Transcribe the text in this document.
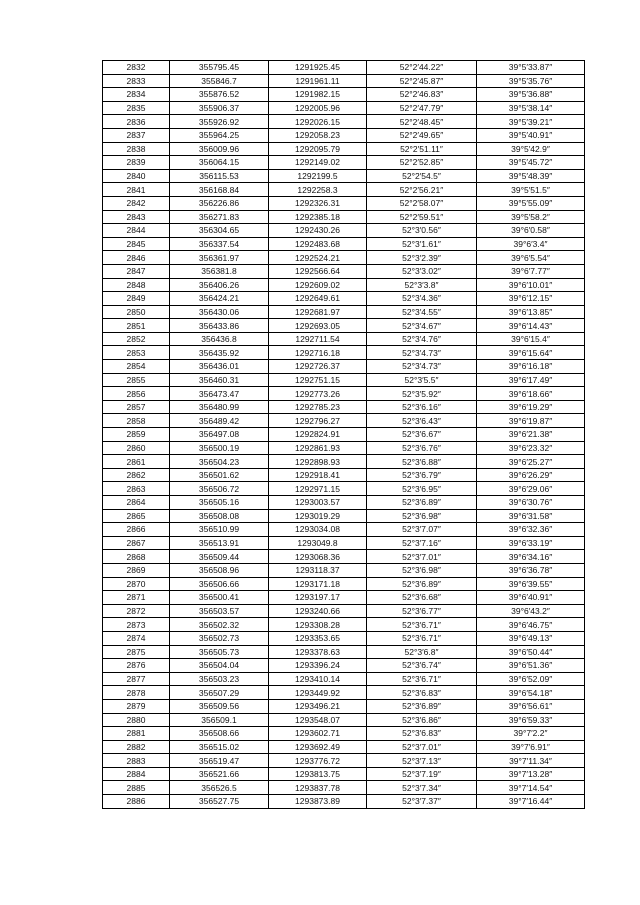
2832	355795.45	1291925.45	52°2′44.22″	39°5′33.87″
2833	355846.7	1291961.11	52°2′45.87″	39°5′35.76″
2834	355876.52	1291982.15	52°2′46.83″	39°5′36.88″
2835	355906.37	1292005.96	52°2′47.79″	39°5′38.14″
2836	355926.92	1292026.15	52°2′48.45″	39°5′39.21″
2837	355964.25	1292058.23	52°2′49.65″	39°5′40.91″
2838	356009.96	1292095.79	52°2′51.11″	39°5′42.9″
2839	356064.15	1292149.02	52°2′52.85″	39°5′45.72″
2840	356115.53	1292199.5	52°2′54.5″	39°5′48.39″
2841	356168.84	1292258.3	52°2′56.21″	39°5′51.5″
2842	356226.86	1292326.31	52°2′58.07″	39°5′55.09″
2843	356271.83	1292385.18	52°2′59.51″	39°5′58.2″
2844	356304.65	1292430.26	52°3′0.56″	39°6′0.58″
2845	356337.54	1292483.68	52°3′1.61″	39°6′3.4″
2846	356361.97	1292524.21	52°3′2.39″	39°6′5.54″
2847	356381.8	1292566.64	52°3′3.02″	39°6′7.77″
2848	356406.26	1292609.02	52°3′3.8″	39°6′10.01″
2849	356424.21	1292649.61	52°3′4.36″	39°6′12.15″
2850	356430.06	1292681.97	52°3′4.55″	39°6′13.85″
2851	356433.86	1292693.05	52°3′4.67″	39°6′14.43″
2852	356436.8	1292711.54	52°3′4.76″	39°6′15.4″
2853	356435.92	1292716.18	52°3′4.73″	39°6′15.64″
2854	356436.01	1292726.37	52°3′4.73″	39°6′16.18″
2855	356460.31	1292751.15	52°3′5.5″	39°6′17.49″
2856	356473.47	1292773.26	52°3′5.92″	39°6′18.66″
2857	356480.99	1292785.23	52°3′6.16″	39°6′19.29″
2858	356489.42	1292796.27	52°3′6.43″	39°6′19.87″
2859	356497.08	1292824.91	52°3′6.67″	39°6′21.38″
2860	356500.19	1292861.93	52°3′6.76″	39°6′23.32″
2861	356504.23	1292898.93	52°3′6.88″	39°6′25.27″
2862	356501.62	1292918.41	52°3′6.79″	39°6′26.29″
2863	356506.72	1292971.15	52°3′6.95″	39°6′29.06″
2864	356505.16	1293003.57	52°3′6.89″	39°6′30.76″
2865	356508.08	1293019.29	52°3′6.98″	39°6′31.58″
2866	356510.99	1293034.08	52°3′7.07″	39°6′32.36″
2867	356513.91	1293049.8	52°3′7.16″	39°6′33.19″
2868	356509.44	1293068.36	52°3′7.01″	39°6′34.16″
2869	356508.96	1293118.37	52°3′6.98″	39°6′36.78″
2870	356506.66	1293171.18	52°3′6.89″	39°6′39.55″
2871	356500.41	1293197.17	52°3′6.68″	39°6′40.91″
2872	356503.57	1293240.66	52°3′6.77″	39°6′43.2″
2873	356502.32	1293308.28	52°3′6.71″	39°6′46.75″
2874	356502.73	1293353.65	52°3′6.71″	39°6′49.13″
2875	356505.73	1293378.63	52°3′6.8″	39°6′50.44″
2876	356504.04	1293396.24	52°3′6.74″	39°6′51.36″
2877	356503.23	1293410.14	52°3′6.71″	39°6′52.09″
2878	356507.29	1293449.92	52°3′6.83″	39°6′54.18″
2879	356509.56	1293496.21	52°3′6.89″	39°6′56.61″
2880	356509.1	1293548.07	52°3′6.86″	39°6′59.33″
2881	356508.66	1293602.71	52°3′6.83″	39°7′2.2″
2882	356515.02	1293692.49	52°3′7.01″	39°7′6.91″
2883	356519.47	1293776.72	52°3′7.13″	39°7′11.34″
2884	356521.66	1293813.75	52°3′7.19″	39°7′13.28″
2885	356526.5	1293837.78	52°3′7.34″	39°7′14.54″
2886	356527.75	1293873.89	52°3′7.37″	39°7′16.44″
